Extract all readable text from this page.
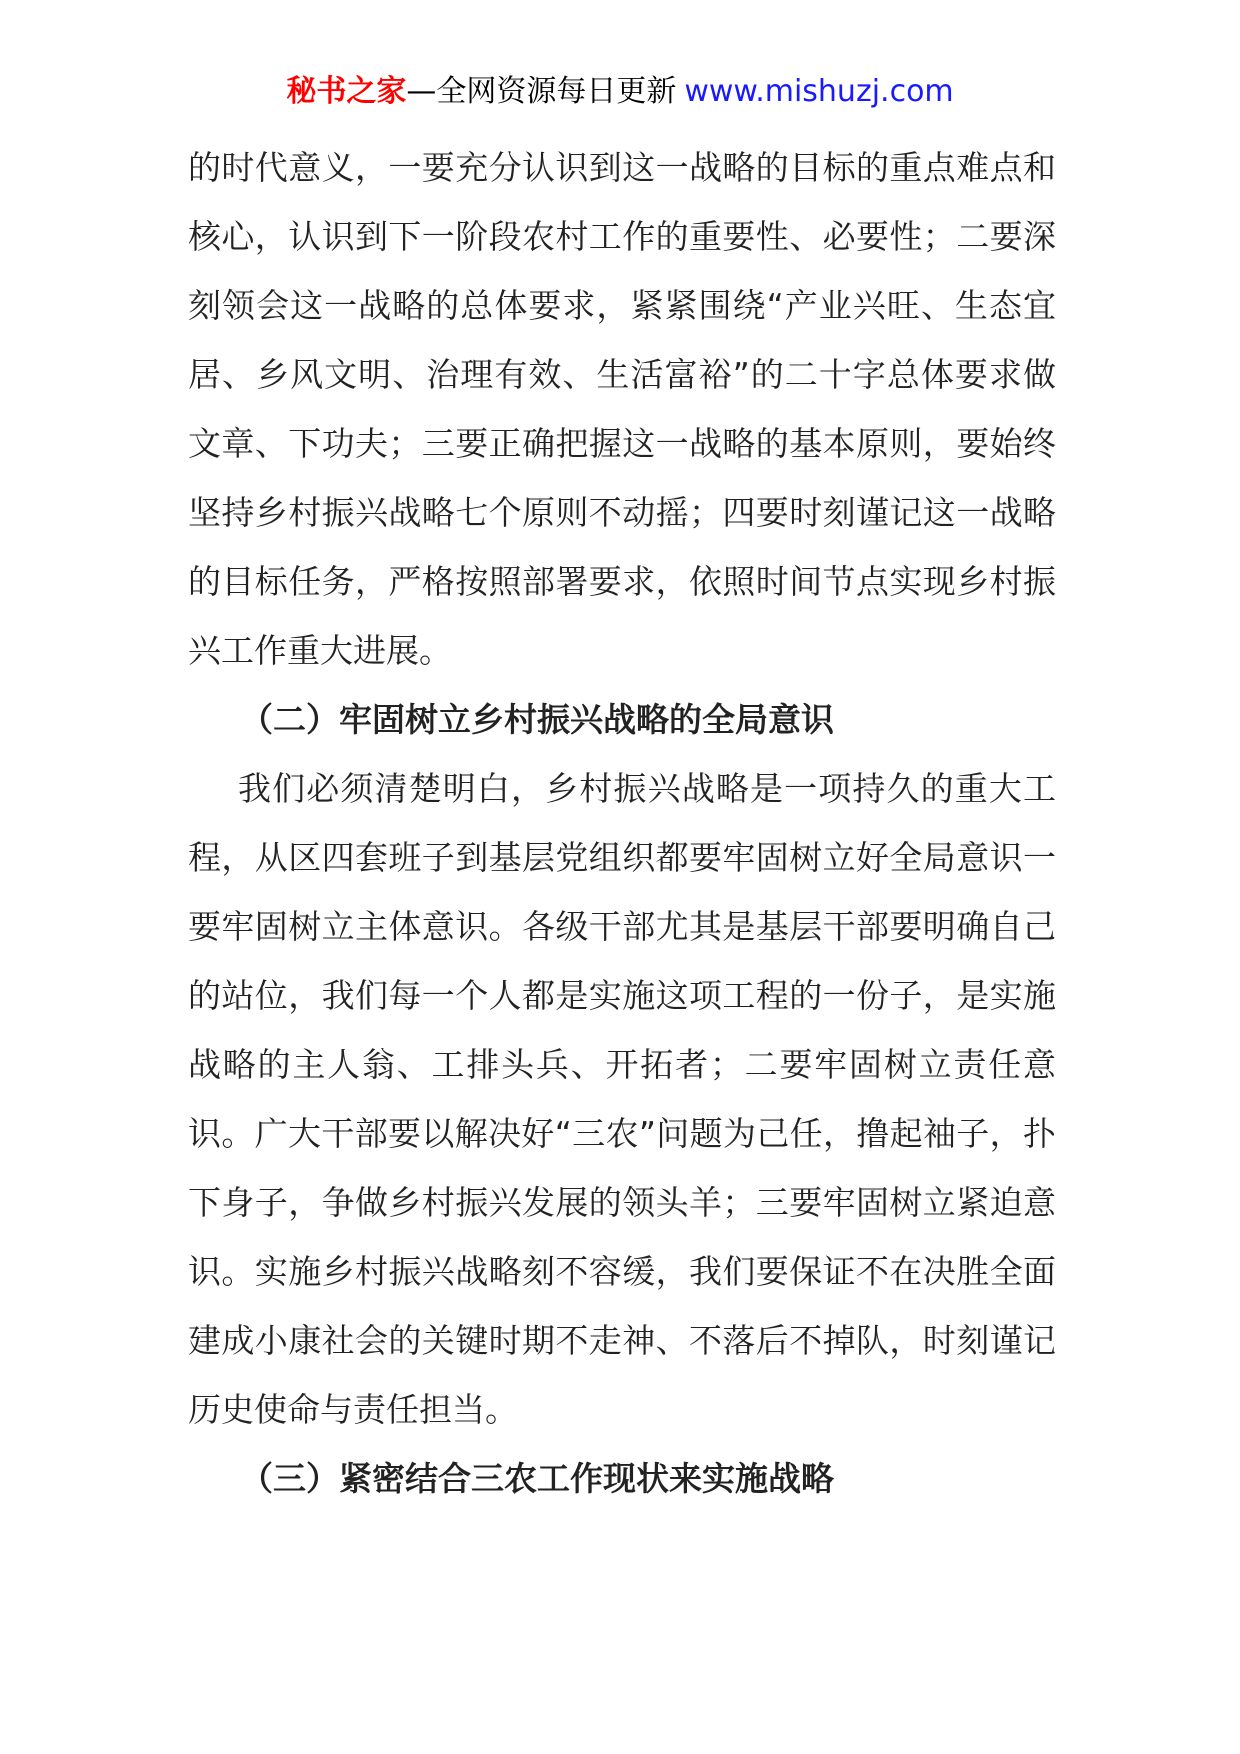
秘书之家—全网资源每日更新 www.mishuzj.com

的时代意义，一要充分认识到这一战略的目标的重点难点和核心，认识到下一阶段农村工作的重要性、必要性；二要深刻领会这一战略的总体要求，紧紧围绕“产业兴旺、生态宜居、乡风文明、治理有效、生活富裕”的二十字总体要求做文章、下功夫；三要正确把握这一战略的基本原则，要始终坚持乡村振兴战略七个原则不动摇；四要时刻谨记这一战略的目标任务，严格按照部署要求，依照时间节点实现乡村振兴工作重大进展。

（二）牢固树立乡村振兴战略的全局意识

我们必须清楚明白，乡村振兴战略是一项持久的重大工程，从区四套班子到基层党组织都要牢固树立好全局意识一要牢固树立主体意识。各级干部尤其是基层干部要明确自己的站位，我们每一个人都是实施这项工程的一份子，是实施战略的主人翁、工排头兵、开拓者；二要牢固树立责任意识。广大干部要以解决好“三农”问题为己任，撸起袖子，扑下身子，争做乡村振兴发展的领头羊；三要牢固树立紧迫意识。实施乡村振兴战略刻不容缓，我们要保证不在决胜全面建成小康社会的关键时期不走神、不落后不掉队，时刻谨记历史使命与责任担当。

（三）紧密结合三农工作现状来实施战略
